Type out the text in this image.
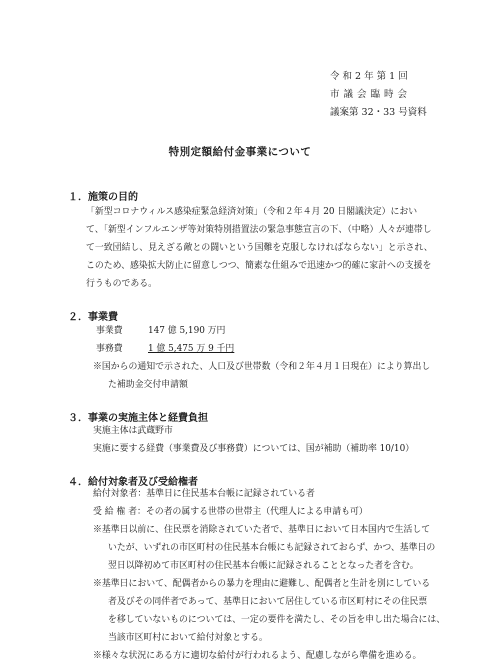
令 和 2 年 第 1 回
市議会臨時会
議案第 32・33 号資料
特別定額給付金事業について
１．施策の目的
「新型コロナウィルス感染症緊急経済対策」（令和２年４月 20 日閣議決定）におい
て、「新型インフルエンザ等対策特別措置法の緊急事態宣言の下、（中略）人々が連帯し
て一致団結し、見えざる敵との闘いという国難を克服しなければならない」と示され、
このため、感染拡大防止に留意しつつ、簡素な仕組みで迅速かつ的確に家計への支援を
行うものである。
２．事業費
事業費	147 億 5,190 万円
事務費	1 億 5,475 万 9 千円
※国からの通知で示された、人口及び世帯数（令和２年４月１日現在）により算出し
た補助金交付申請額
３．事業の実施主体と経費負担
実施主体は武蔵野市
実施に要する経費（事業費及び事務費）については、国が補助（補助率 10/10）
４．給付対象者及び受給権者
給付対象者：基準日に住民基本台帳に記録されている者
受 給 権 者：その者の属する世帯の世帯主（代理人による申請も可）
※基準日以前に、住民票を消除されていた者で、基準日において日本国内で生活して
いたが、いずれの市区町村の住民基本台帳にも記録されておらず、かつ、基準日の
翌日以降初めて市区町村の住民基本台帳に記録されることとなった者を含む。
※基準日において、配偶者からの暴力を理由に避難し、配偶者と生計を別にしている
者及びその同伴者であって、基準日において居住している市区町村にその住民票
を移していないものについては、一定の要件を満たし、その旨を申し出た場合には、
当該市区町村において給付対象とする。
※様々な状況にある方に適切な給付が行われるよう、配慮しながら準備を進める。
